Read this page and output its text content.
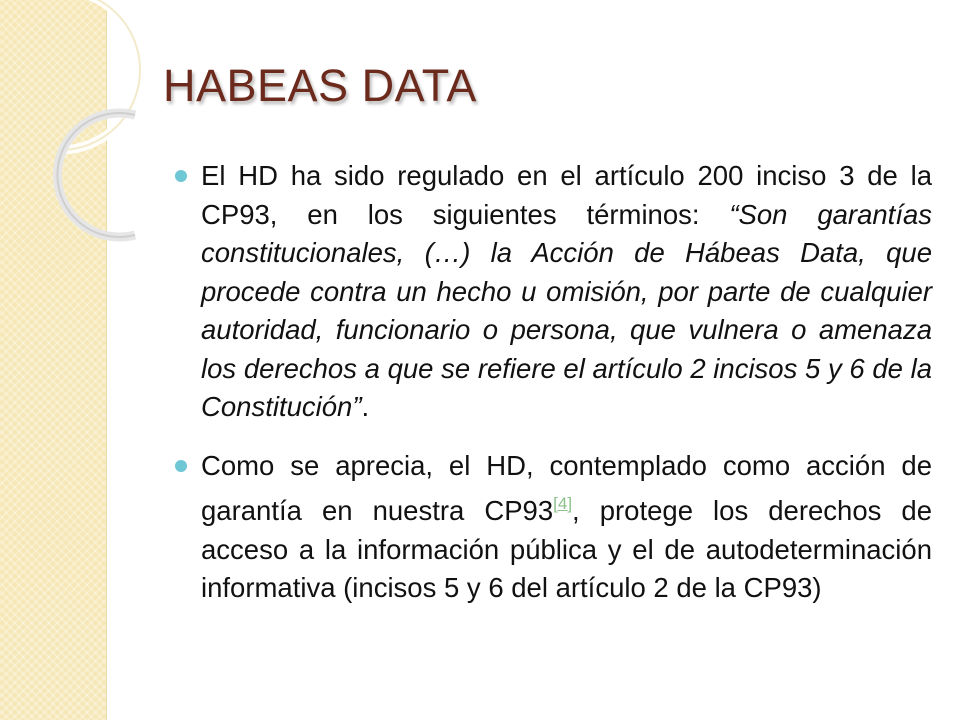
HABEAS DATA
El HD ha sido regulado en el artículo 200 inciso 3 de la CP93, en los siguientes términos: “Son garantías constitucionales, (…) la Acción de Hábeas Data, que procede contra un hecho u omisión, por parte de cualquier autoridad, funcionario o persona, que vulnera o amenaza los derechos a que se refiere el artículo 2 incisos 5 y 6 de la Constitución”.
Como se aprecia, el HD, contemplado como acción de garantía en nuestra CP93[4], protege los derechos de acceso a la información pública y el de autodeterminación informativa (incisos 5 y 6 del artículo 2 de la CP93)
